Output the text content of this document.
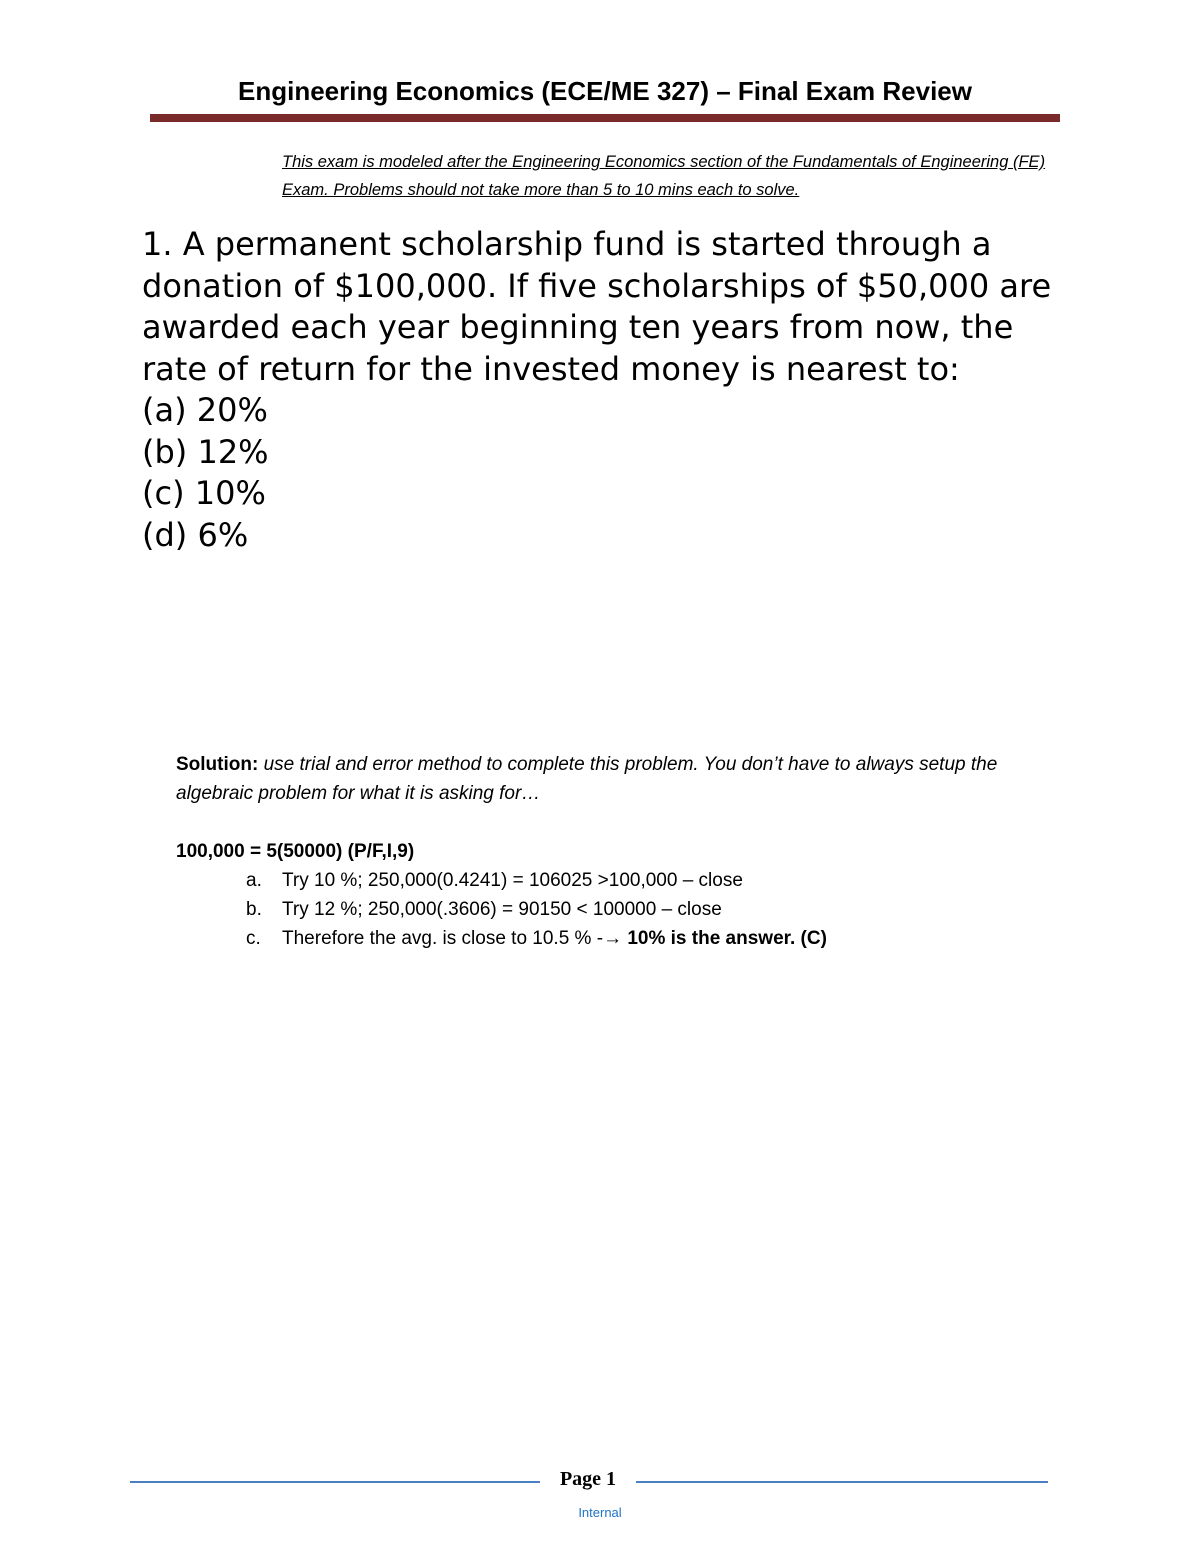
Engineering Economics (ECE/ME 327) – Final Exam Review
This exam is modeled after the Engineering Economics section of the Fundamentals of Engineering (FE) Exam. Problems should not take more than 5 to 10 mins each to solve.

1. A permanent scholarship fund is started through a donation of $100,000. If five scholarships of $50,000 are awarded each year beginning ten years from now, the rate of return for the invested money is nearest to:

(a) 20%
(b) 12%
(c) 10%
(d) 6%

Solution: use trial and error method to complete this problem. You don’t have to always setup the algebraic problem for what it is asking for…

100,000 = 5(50000) (P/F,I,9)

a. Try 10 %; 250,000(0.4241) = 106025 >100,000 – close
b. Try 12 %; 250,000(.3606) = 90150 < 100000 – close
c. Therefore the avg. is close to 10.5 % -→ 10% is the answer. (C)
Page 1
Internal
